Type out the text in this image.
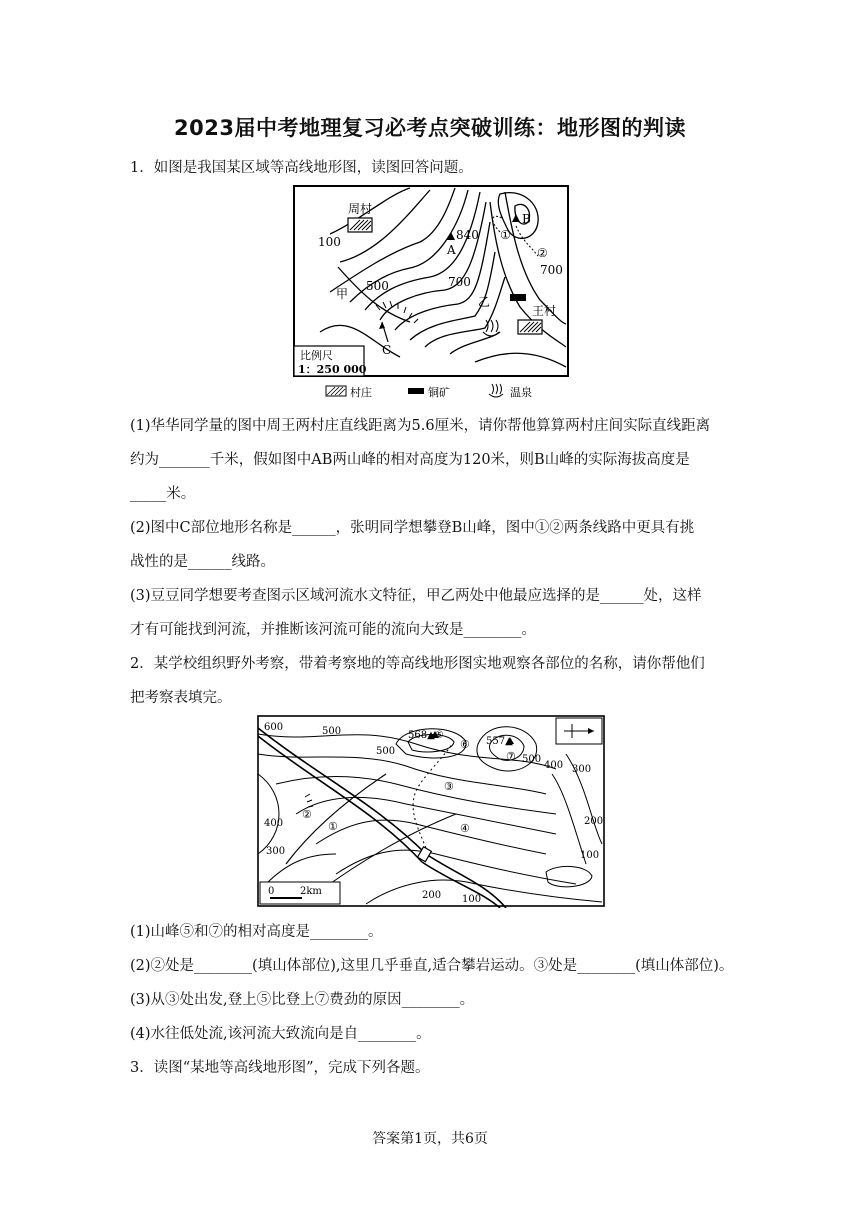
2023届中考地理复习必考点突破训练：地形图的判读
1．如图是我国某区域等高线地形图，读图回答问题。
周村
王村
100
500	700
700
840
A
B
C
甲
乙
①
②
比例尺
1：250 000
村庄	铜矿	温泉
(1)华华同学量的图中周王两村庄直线距离为5.6厘米，请你帮他算算两村庄间实际直线距离
约为_______千米，假如图中AB两山峰的相对高度为120米，则B山峰的实际海拔高度是
_____米。
(2)图中C部位地形名称是______，张明同学想攀登B山峰，图中①②两条线路中更具有挑
战性的是______线路。
(3)豆豆同学想要考查图示区域河流水文特征，甲乙两处中他最应选择的是______处，这样
才有可能找到河流，并推断该河流可能的流向大致是________。
2．某学校组织野外考察，带着考察地的等高线地形图实地观察各部位的名称，请你帮他们
把考察表填完。
0	2km
600	500
500
500
568▲⑤
557▲
400
400
300
300
200
200
100
100
①
②
③
④
⑥
⑦
(1)山峰⑤和⑦的相对高度是________。
(2)②处是________(填山体部位),这里几乎垂直,适合攀岩运动。③处是________(填山体部位)。
(3)从③处出发,登上⑤比登上⑦费劲的原因________。
(4)水往低处流,该河流大致流向是自________。
3．读图“某地等高线地形图”，完成下列各题。
答案第1页，共6页
